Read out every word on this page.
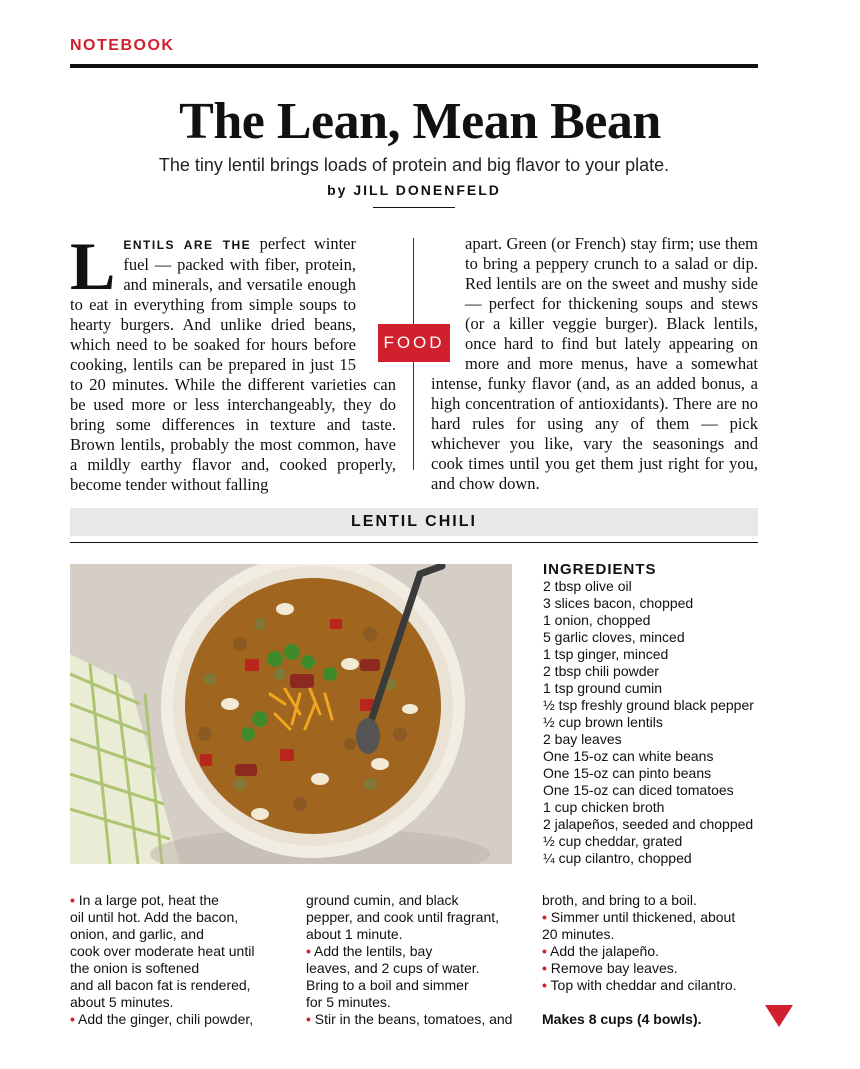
NOTEBOOK
The Lean, Mean Bean
The tiny lentil brings loads of protein and big flavor to your plate.
by JILL DONENFELD
L ENTILS ARE THE perfect winter fuel — packed with fiber, protein, and minerals, and versatile enough to eat in everything from simple soups to hearty burgers. And unlike dried beans, which need to be soaked for hours before cooking, lentils can be prepared in just 15 to 20 minutes. While the different varieties can be used more or less interchangeably, they do bring some differences in texture and taste. Brown lentils, probably the most common, have a mildly earthy flavor and, cooked properly, become tender without falling
apart. Green (or French) stay firm; use them to bring a peppery crunch to a salad or dip. Red lentils are on the sweet and mushy side — perfect for thickening soups and stews (or a killer veggie burger). Black lentils, once hard to find but lately appearing on more and more menus, have a somewhat intense, funky flavor (and, as an added bonus, a high concentration of antioxidants). There are no hard rules for using any of them — pick whichever you like, vary the seasonings and cook times until you get them just right for you, and chow down.
FOOD
LENTIL CHILI
INGREDIENTS
2 tbsp olive oil
3 slices bacon, chopped
1 onion, chopped
5 garlic cloves, minced
1 tsp ginger, minced
2 tbsp chili powder
1 tsp ground cumin
½ tsp freshly ground black pepper
½ cup brown lentils
2 bay leaves
One 15-oz can white beans
One 15-oz can pinto beans
One 15-oz can diced tomatoes
1 cup chicken broth
2 jalapeños, seeded and chopped
½ cup cheddar, grated
¼ cup cilantro, chopped

• In a large pot, heat the

oil until hot. Add the bacon,

onion, and garlic, and

cook over moderate heat until

the onion is softened

and all bacon fat is rendered,

about 5 minutes.

• Add the ginger, chili powder,

ground cumin, and black

pepper, and cook until fragrant,

about 1 minute.

• Add the lentils, bay

leaves, and 2 cups of water.

Bring to a boil and simmer

for 5 minutes.

• Stir in the beans, tomatoes, and

broth, and bring to a boil.

• Simmer until thickened, about

20 minutes.

• Add the jalapeño.

• Remove bay leaves.

• Top with cheddar and cilantro.

Makes 8 cups (4 bowls).
